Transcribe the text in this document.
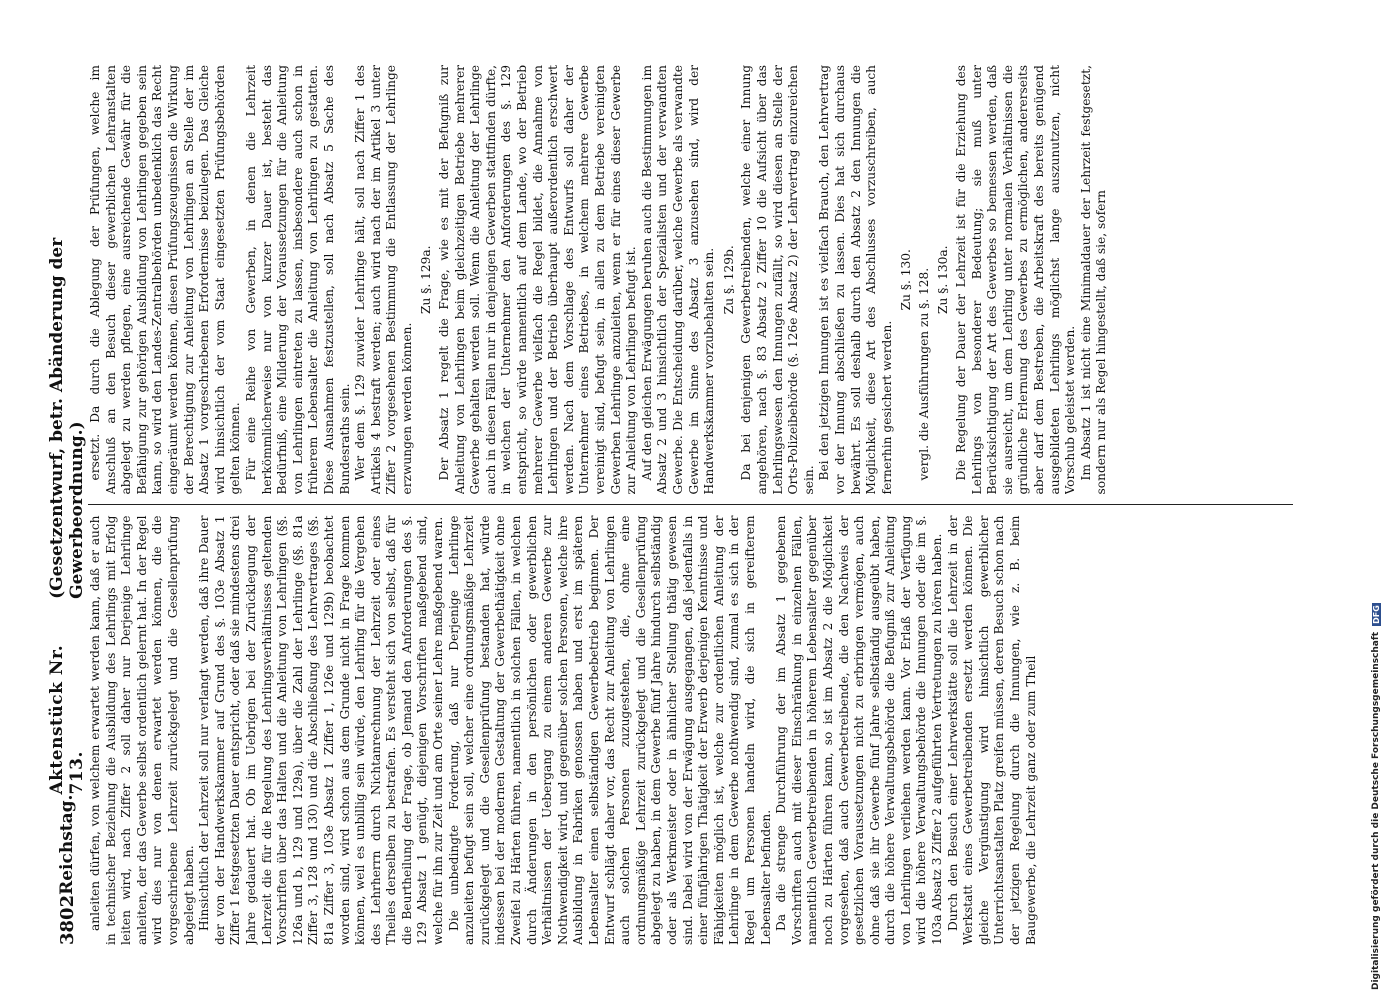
3802
Reichstag.
Aktenstück Nr. 713.
(Gesetzentwurf, betr. Abänderung der Gewerbeordnung.)

anleiten dürfen, von welchem erwartet werden kann, daß er auch in technischer Beziehung die Ausbildung des Lehrlings mit Erfolg leiten wird, nach Ziffer 2 soll daher nur Derjenige Lehrlinge anleiten, der das Gewerbe selbst ordentlich gelernt hat. In der Regel wird dies nur von denen erwartet werden können, die die vorgeschriebene Lehrzeit zurückgelegt und die Gesellenprüfung abgelegt haben. Hinsichtlich der Lehrzeit soll nur verlangt werden, daß ihre Dauer der von der Handwerkskammer auf Grund des §. 103e Absatz 1 Ziffer 1 festgesetzten Dauer entspricht, oder daß sie mindestens drei Jahre gedauert hat. Ob im Uebrigen bei der Zurücklegung der Lehrzeit die für die Regelung des Lehrlingsverhältnisses geltenden Vorschriften über das Halten und die Anleitung von Lehrlingen (§§. 126a und b, 129 und 129a), über die Zahl der Lehrlinge (§§. 81a Ziffer 3, 128 und 130) und die Abschließung des Lehrvertrages (§§. 81a Ziffer 3, 103e Absatz 1 Ziffer 1, 126e und 129b) beobachtet worden sind, wird schon aus dem Grunde nicht in Frage kommen können, weil es unbillig sein würde, den Lehrling für die Vergehen des Lehrherrn durch Nichtanrechnung der Lehrzeit oder eines Theiles derselben zu bestrafen. Es versteht sich von selbst, daß für die Beurtheilung der Frage, ob Jemand den Anforderungen des §. 129 Absatz 1 genügt, diejenigen Vorschriften maßgebend sind, welche für ihn zur Zeit und am Orte seiner Lehre maßgebend waren. Die unbedingte Forderung, daß nur Derjenige Lehrlinge anzuleiten befugt sein soll, welcher eine ordnungsmäßige Lehrzeit zurückgelegt und die Gesellenprüfung bestanden hat, würde indessen bei der modernen Gestaltung der Gewerbethätigkeit ohne Zweifel zu Härten führen, namentlich in solchen Fällen, in welchen durch Änderungen in den persönlichen oder gewerblichen Verhältnissen der Uebergang zu einem anderen Gewerbe zur Nothwendigkeit wird, und gegenüber solchen Personen, welche ihre Ausbildung in Fabriken genossen haben und erst im späteren Lebensalter einen selbständigen Gewerbebetrieb beginnen. Der Entwurf schlägt daher vor, das Recht zur Anleitung von Lehrlingen auch solchen Personen zuzugestehen, die, ohne eine ordnungsmäßige Lehrzeit zurückgelegt und die Gesellenprüfung abgelegt zu haben, in dem Gewerbe fünf Jahre hindurch selbständig oder als Werkmeister oder in ähnlicher Stellung thätig gewesen sind. Dabei wird von der Erwägung ausgegangen, daß jedenfalls in einer fünfjährigen Thätigkeit der Erwerb derjenigen Kenntnisse und Fähigkeiten möglich ist, welche zur ordentlichen Anleitung der Lehrlinge in dem Gewerbe nothwendig sind, zumal es sich in der Regel um Personen handeln wird, die sich in gereifterem Lebensalter befinden. Da die strenge Durchführung der im Absatz 1 gegebenen Vorschriften auch mit dieser Einschränkung in einzelnen Fällen, namentlich Gewerbetreibenden in höherem Lebensalter gegenüber noch zu Härten führen kann, so ist im Absatz 2 die Möglichkeit vorgesehen, daß auch Gewerbetreibende, die den Nachweis der gesetzlichen Voraussetzungen nicht zu erbringen vermögen, auch ohne daß sie ihr Gewerbe fünf Jahre selbständig ausgeübt haben, durch die höhere Verwaltungsbehörde die Befugniß zur Anleitung von Lehrlingen verliehen werden kann. Vor Erlaß der Verfügung wird die höhere Verwaltungsbehörde die Innungen oder die im §. 103a Absatz 3 Ziffer 2 aufgeführten Vertretungen zu hören haben. Durch den Besuch einer Lehrwerkstätte soll die Lehrzeit in der Werkstatt eines Gewerbetreibenden ersetzt werden können. Die gleiche Vergünstigung wird hinsichtlich gewerblicher Unterrichtsanstalten Platz greifen müssen, deren Besuch schon nach der jetzigen Regelung durch die Innungen, wie z. B. beim Baugewerbe, die Lehrzeit ganz oder zum Theil

ersetzt. Da durch die Ablegung der Prüfungen, welche im Anschluß an den Besuch dieser gewerblichen Lehranstalten abgelegt zu werden pflegen, eine ausreichende Gewähr für die Befähigung zur gehörigen Ausbildung von Lehrlingen gegeben sein kann, so wird den Landes-Zentralbehörden unbedenklich das Recht eingeräumt werden können, diesen Prüfungszeugnissen die Wirkung der Berechtigung zur Anleitung von Lehrlingen an Stelle der im Absatz 1 vorgeschriebenen Erfordernisse beizulegen. Das Gleiche wird hinsichtlich der vom Staat eingesetzten Prüfungsbehörden gelten können. Für eine Reihe von Gewerben, in denen die Lehrzeit herkömmlicherweise nur von kurzer Dauer ist, besteht das Bedürfniß, eine Milderung der Voraussetzungen für die Anleitung von Lehrlingen eintreten zu lassen, insbesondere auch schon in früherem Lebensalter die Anleitung von Lehrlingen zu gestatten. Diese Ausnahmen festzustellen, soll nach Absatz 5 Sache des Bundesraths sein. Wer dem §. 129 zuwider Lehrlinge hält, soll nach Ziffer 1 des Artikels 4 bestraft werden; auch wird nach der im Artikel 3 unter Ziffer 2 vorgesehenen Bestimmung die Entlassung der Lehrlinge erzwungen werden können.

Zu §. 129a. Der Absatz 1 regelt die Frage, wie es mit der Befugniß zur Anleitung von Lehrlingen beim gleichzeitigen Betriebe mehrerer Gewerbe gehalten werden soll. Wenn die Anleitung der Lehrlinge auch in diesen Fällen nur in denjenigen Gewerben stattfinden dürfte, in welchen der Unternehmer den Anforderungen des §. 129 entspricht, so würde namentlich auf dem Lande, wo der Betrieb mehrerer Gewerbe vielfach die Regel bildet, die Annahme von Lehrlingen und der Betrieb überhaupt außerordentlich erschwert werden. Nach dem Vorschlage des Entwurfs soll daher der Unternehmer eines Betriebes, in welchem mehrere Gewerbe vereinigt sind, befugt sein, in allen zu dem Betriebe vereinigten Gewerben Lehrlinge anzuleiten, wenn er für eines dieser Gewerbe zur Anleitung von Lehrlingen befugt ist. Auf den gleichen Erwägungen beruhen auch die Bestimmungen im Absatz 2 und 3 hinsichtlich der Spezialisten und der verwandten Gewerbe. Die Entscheidung darüber, welche Gewerbe als verwandte Gewerbe im Sinne des Absatz 3 anzusehen sind, wird der Handwerkskammer vorzubehalten sein. Zu §. 129b. Da bei denjenigen Gewerbetreibenden, welche einer Innung angehören, nach §. 83 Absatz 2 Ziffer 10 die Aufsicht über das Lehrlingswesen den Innungen zufällt, so wird diesen an Stelle der Orts-Polizeibehörde (§. 126e Absatz 2) der Lehrvertrag einzureichen sein. Bei den jetzigen Innungen ist es vielfach Brauch, den Lehrvertrag vor der Innung abschließen zu lassen. Dies hat sich durchaus bewährt. Es soll deshalb durch den Absatz 2 den Innungen die Möglichkeit, diese Art des Abschlusses vorzuschreiben, auch fernerhin gesichert werden.

Zu §. 130. vergl. die Ausführungen zu §. 128. Zu §. 130a. Die Regelung der Dauer der Lehrzeit ist für die Erziehung des Lehrlings von besonderer Bedeutung; sie muß unter Berücksichtigung der Art des Gewerbes so bemessen werden, daß sie ausreicht, um dem Lehrling unter normalen Verhältnissen die gründliche Erlernung des Gewerbes zu ermöglichen, andererseits aber darf dem Bestreben, die Arbeitskraft des bereits genügend ausgebildeten Lehrlings möglichst lange auszunutzen, nicht Vorschub geleistet werden. Im Absatz 1 ist nicht eine Minimaldauer der Lehrzeit festgesetzt, sondern nur als Regel hingestellt, daß sie, sofern

Digitalisierung gefördert durch die Deutsche Forschungsgemeinschaft
DFG
